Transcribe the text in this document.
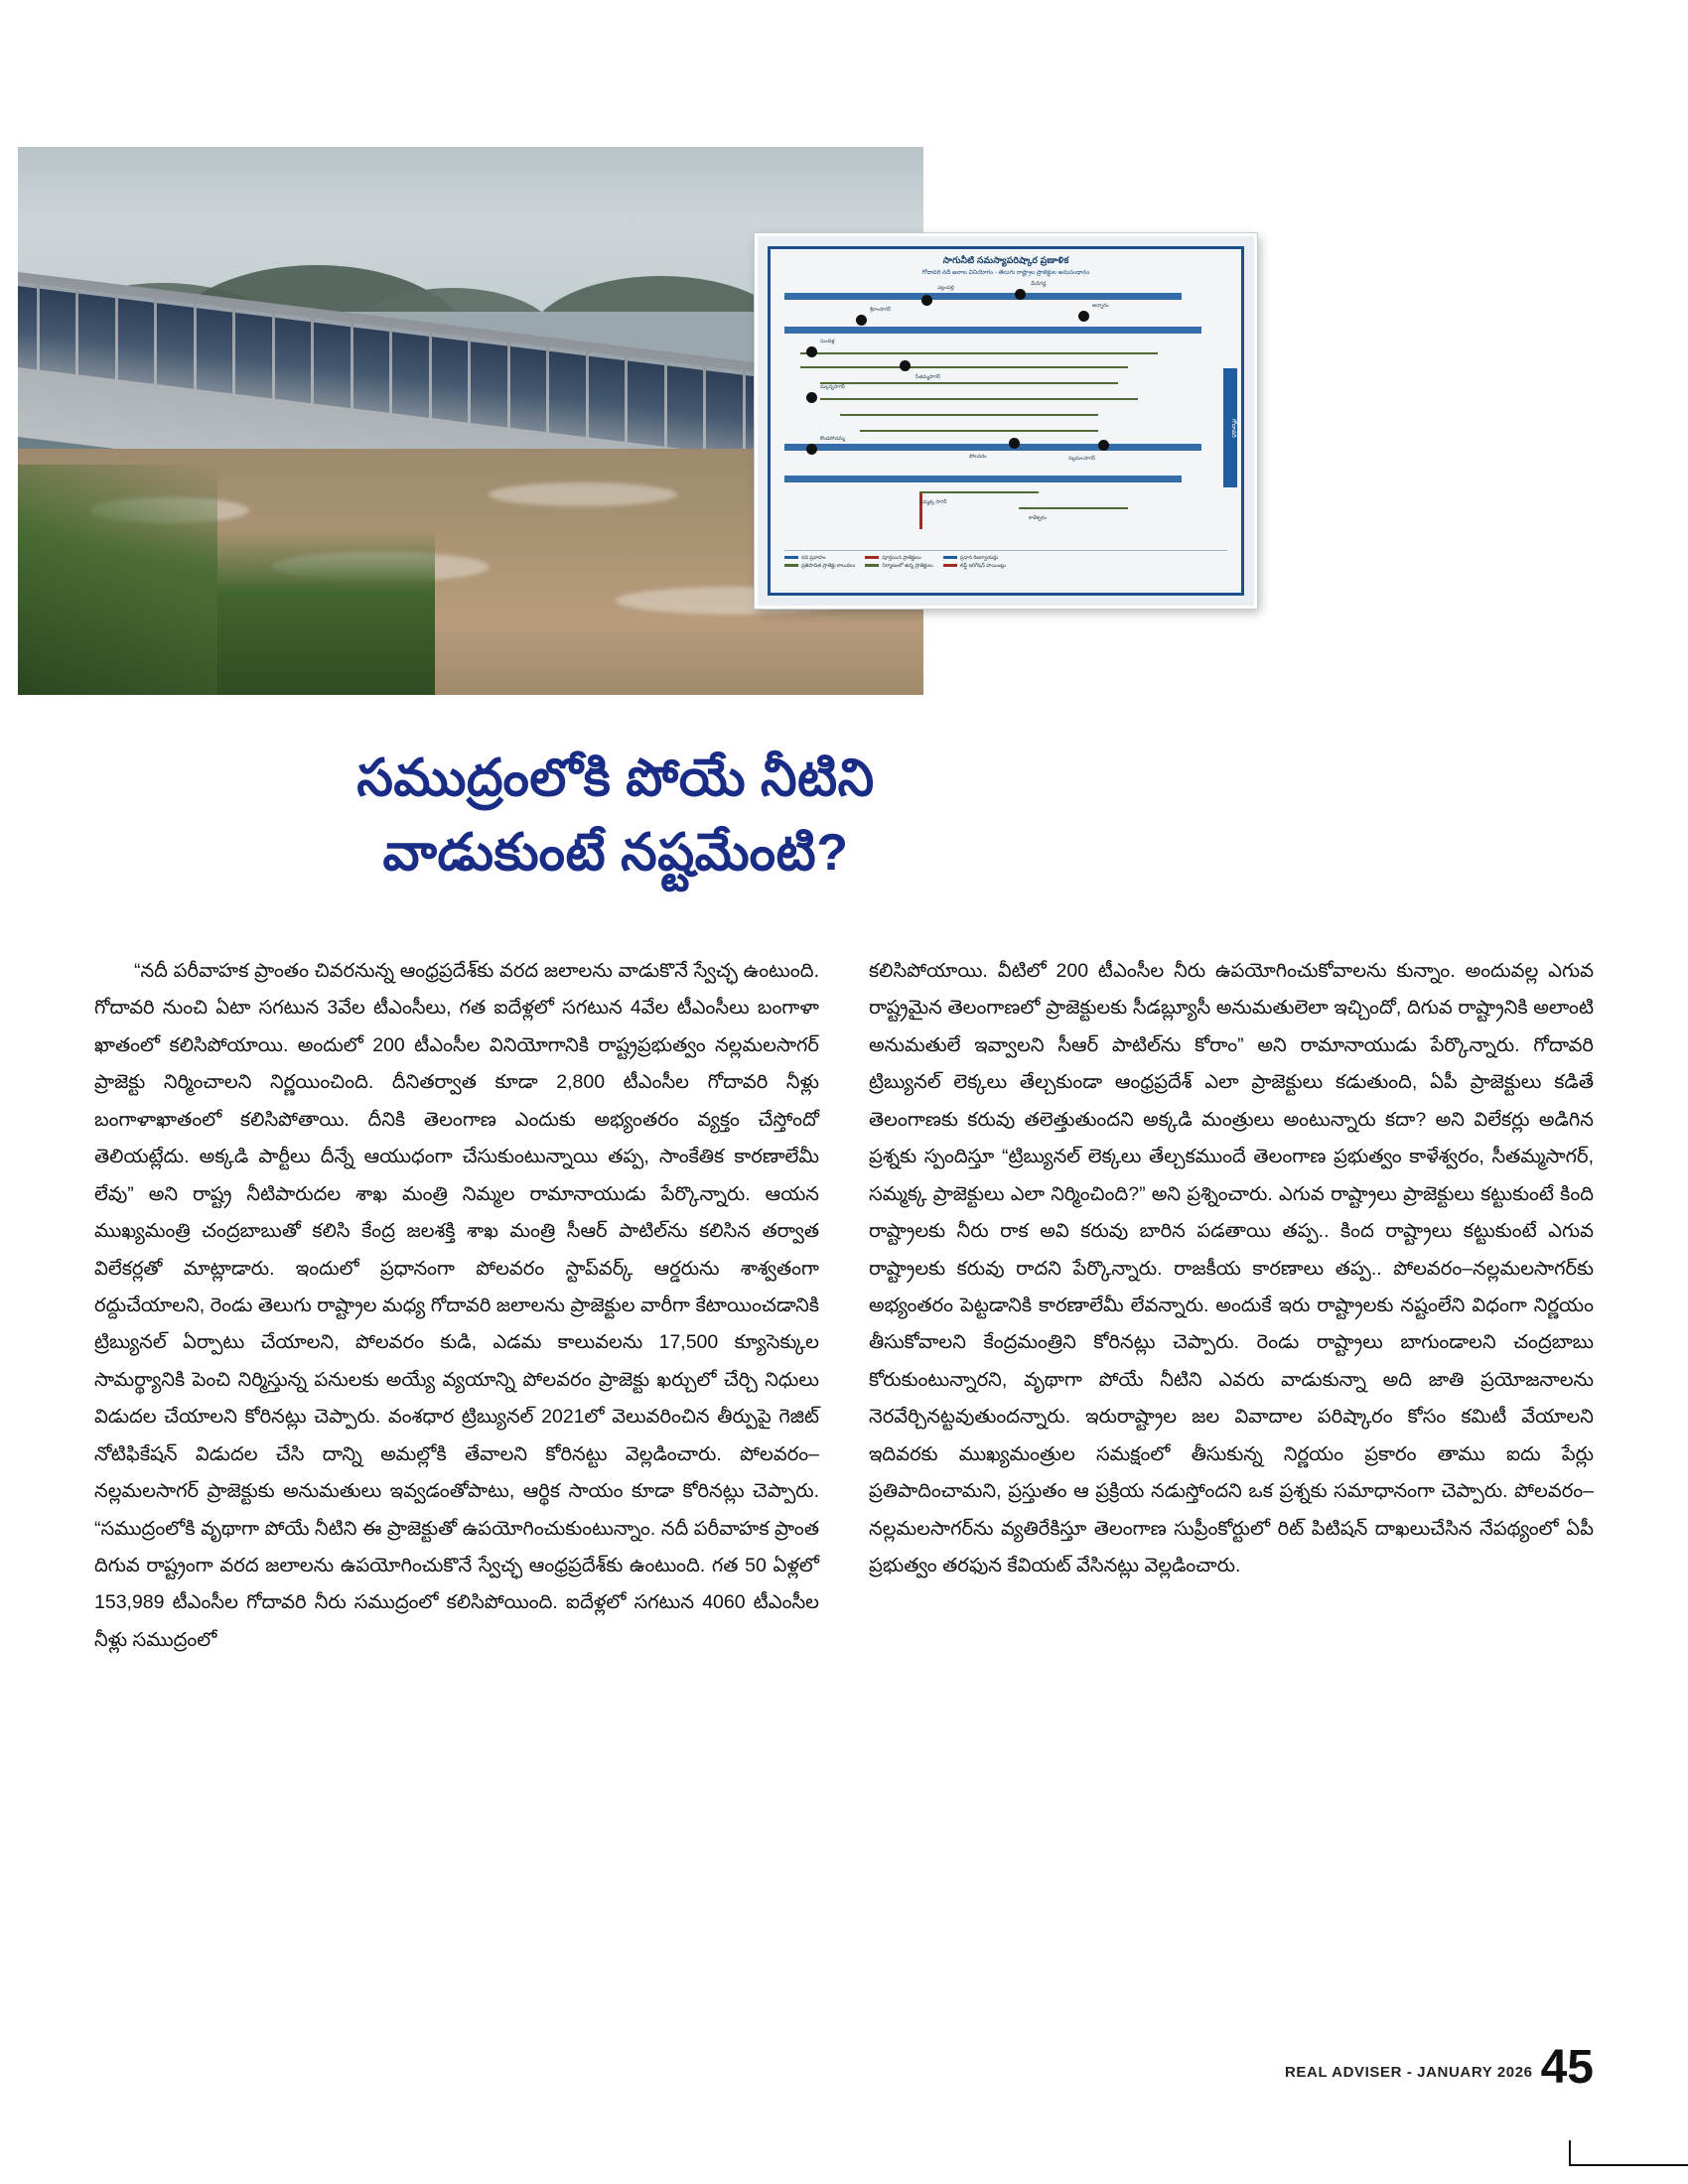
సాగునీటి సమస్యాపరిష్కార ప్రణాళిక
గోదావరి నదీ జలాల వినియోగం - తెలుగు రాష్ట్రాల ప్రాజెక్టుల అనుసంధానం
శ్రీరాంసాగర్
ఎల్లంపల్లి
మేడిగడ్డ
అన్నారం
సుందిళ్ల
మల్లన్నసాగర్
కొండపోచమ్మ
పోలవరం	నల్లమలసాగర్
సీతమ్మసాగర్
సమ్మక్క సాగర్
కాళేశ్వరం
గోదావరి
నది ప్రవాహం
ప్రతిపాదిత ప్రాజెక్టు కాలువలు
పూర్తయిన ప్రాజెక్టులు
నిర్మాణంలో ఉన్న ప్రాజెక్టులు
ప్రధాన రిజర్వాయర్లు
లిఫ్ట్ ఇరిగేషన్ పాయింట్లు
సముద్రంలోకి పోయే నీటిని
వాడుకుంటే నష్టమేంటి?

“నదీ పరీవాహక ప్రాంతం చివరనున్న ఆంధ్రప్రదేశ్‌కు వరద జలాలను వాడుకొనే స్వేచ్ఛ ఉంటుంది. గోదావరి నుంచి ఏటా సగటున 3వేల టీఎంసీలు, గత ఐదేళ్లలో సగటున 4వేల టీఎంసీలు బంగాళా ఖాతంలో కలిసిపోయాయి. అందులో 200 టీఎంసీల వినియోగానికి రాష్ట్రప్రభుత్వం నల్లమలసాగర్ ప్రాజెక్టు నిర్మించాలని నిర్ణయించింది. దీనితర్వాత కూడా 2,800 టీఎంసీల గోదావరి నీళ్లు బంగాళాఖాతంలో కలిసిపోతాయి. దీనికి తెలంగాణ ఎందుకు అభ్యంతరం వ్యక్తం చేస్తోందో తెలియట్లేదు. అక్కడి పార్టీలు దీన్నే ఆయుధంగా చేసుకుంటున్నాయి తప్ప, సాంకేతిక కారణాలేమీ లేవు” అని రాష్ట్ర నీటిపారుదల శాఖ మంత్రి నిమ్మల రామానాయుడు పేర్కొన్నారు. ఆయన ముఖ్యమంత్రి చంద్రబాబుతో కలిసి కేంద్ర జలశక్తి శాఖ మంత్రి సీఆర్ పాటిల్‌ను కలిసిన తర్వాత విలేకర్లతో మాట్లాడారు. ఇందులో ప్రధానంగా పోలవరం స్టాప్‌వర్క్ ఆర్డరును శాశ్వతంగా రద్దుచేయాలని, రెండు తెలుగు రాష్ట్రాల మధ్య గోదావరి జలాలను ప్రాజెక్టుల వారీగా కేటాయించడానికి ట్రిబ్యునల్ ఏర్పాటు చేయాలని, పోలవరం కుడి, ఎడమ కాలువలను 17,500 క్యూసెక్కుల సామర్థ్యానికి పెంచి నిర్మిస్తున్న పనులకు అయ్యే వ్యయాన్ని పోలవరం ప్రాజెక్టు ఖర్చులో చేర్చి నిధులు విడుదల చేయాలని కోరినట్లు చెప్పారు. వంశధార ట్రిబ్యునల్ 2021లో వెలువరించిన తీర్పుపై గెజిట్ నోటిఫికేషన్ విడుదల చేసి దాన్ని అమల్లోకి తేవాలని కోరినట్టు వెల్లడించారు. పోలవరం–నల్లమలసాగర్ ప్రాజెక్టుకు అనుమతులు ఇవ్వడంతోపాటు, ఆర్థిక సాయం కూడా కోరినట్లు చెప్పారు. “సముద్రంలోకి వృథాగా పోయే నీటిని ఈ ప్రాజెక్టుతో ఉపయోగించుకుంటున్నాం. నదీ పరీవాహక ప్రాంత దిగువ రాష్ట్రంగా వరద జలాలను ఉపయోగించుకొనే స్వేచ్ఛ ఆంధ్రప్రదేశ్‌కు ఉంటుంది. గత 50 ఏళ్లలో 153,989 టీఎంసీల గోదావరి నీరు సముద్రంలో కలిసిపోయింది. ఐదేళ్లలో సగటున 4060 టీఎంసీల నీళ్లు సముద్రంలో

కలిసిపోయాయి. వీటిలో 200 టీఎంసీల నీరు ఉపయోగించుకోవాలను కున్నాం. అందువల్ల ఎగువ రాష్ట్రమైన తెలంగాణలో ప్రాజెక్టులకు సీడబ్ల్యూసీ అనుమతులెలా ఇచ్చిందో, దిగువ రాష్ట్రానికి అలాంటి అనుమతులే ఇవ్వాలని సీఆర్ పాటిల్‌ను కోరాం” అని రామానాయుడు పేర్కొన్నారు. గోదావరి ట్రిబ్యునల్ లెక్కలు తేల్చకుండా ఆంధ్రప్రదేశ్ ఎలా ప్రాజెక్టులు కడుతుంది, ఏపీ ప్రాజెక్టులు కడితే తెలంగాణకు కరువు తలెత్తుతుందని అక్కడి మంత్రులు అంటున్నారు కదా? అని విలేకర్లు అడిగిన ప్రశ్నకు స్పందిస్తూ “ట్రిబ్యునల్ లెక్కలు తేల్చకముందే తెలంగాణ ప్రభుత్వం కాళేశ్వరం, సీతమ్మసాగర్, సమ్మక్క ప్రాజెక్టులు ఎలా నిర్మించింది?” అని ప్రశ్నించారు. ఎగువ రాష్ట్రాలు ప్రాజెక్టులు కట్టుకుంటే కింది రాష్ట్రాలకు నీరు రాక అవి కరువు బారిన పడతాయి తప్ప.. కింద రాష్ట్రాలు కట్టుకుంటే ఎగువ రాష్ట్రాలకు కరువు రాదని పేర్కొన్నారు. రాజకీయ కారణాలు తప్ప.. పోలవరం–నల్లమలసాగర్‌కు అభ్యంతరం పెట్టడానికి కారణాలేమీ లేవన్నారు. అందుకే ఇరు రాష్ట్రాలకు నష్టంలేని విధంగా నిర్ణయం తీసుకోవాలని కేంద్రమంత్రిని కోరినట్లు చెప్పారు. రెండు రాష్ట్రాలు బాగుండాలని చంద్రబాబు కోరుకుంటున్నారని, వృథాగా పోయే నీటిని ఎవరు వాడుకున్నా అది జాతి ప్రయోజనాలను నెరవేర్చినట్టవుతుందన్నారు. ఇరురాష్ట్రాల జల వివాదాల పరిష్కారం కోసం కమిటీ వేయాలని ఇదివరకు ముఖ్యమంత్రుల సమక్షంలో తీసుకున్న నిర్ణయం ప్రకారం తాము ఐదు పేర్లు ప్రతిపాదించామని, ప్రస్తుతం ఆ ప్రక్రియ నడుస్తోందని ఒక ప్రశ్నకు సమాధానంగా చెప్పారు. పోలవరం–నల్లమలసాగర్‌ను వ్యతిరేకిస్తూ తెలంగాణ సుప్రీంకోర్టులో రిట్ పిటిషన్ దాఖలుచేసిన నేపథ్యంలో ఏపీ ప్రభుత్వం తరఫున కేవియట్ వేసినట్లు వెల్లడించారు.

REAL ADVISER - JANUARY 2026 45
